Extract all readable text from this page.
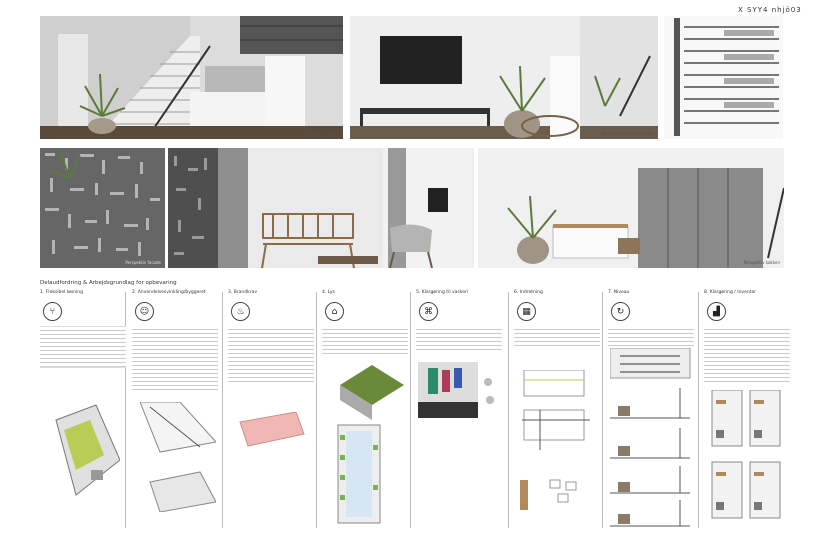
X SYY4 nhjö03
Perspektiv trappe	Perspektiv stue og trappe
Perspektiv facade	Perspektiv køkken
Delaudfordring & Arbejdsgrundlag for opbevaring
1. Fleksibel løsning
⑂
2. Anvendelsesvinkling/byggeret
☺
3. Brandkrav
♨
4. Lys
⌂
5. Klargøring til vaskeri
⌘
6. Indretning
▦
7. Niveau
↻
8. Klargøring / Inventar
▟
